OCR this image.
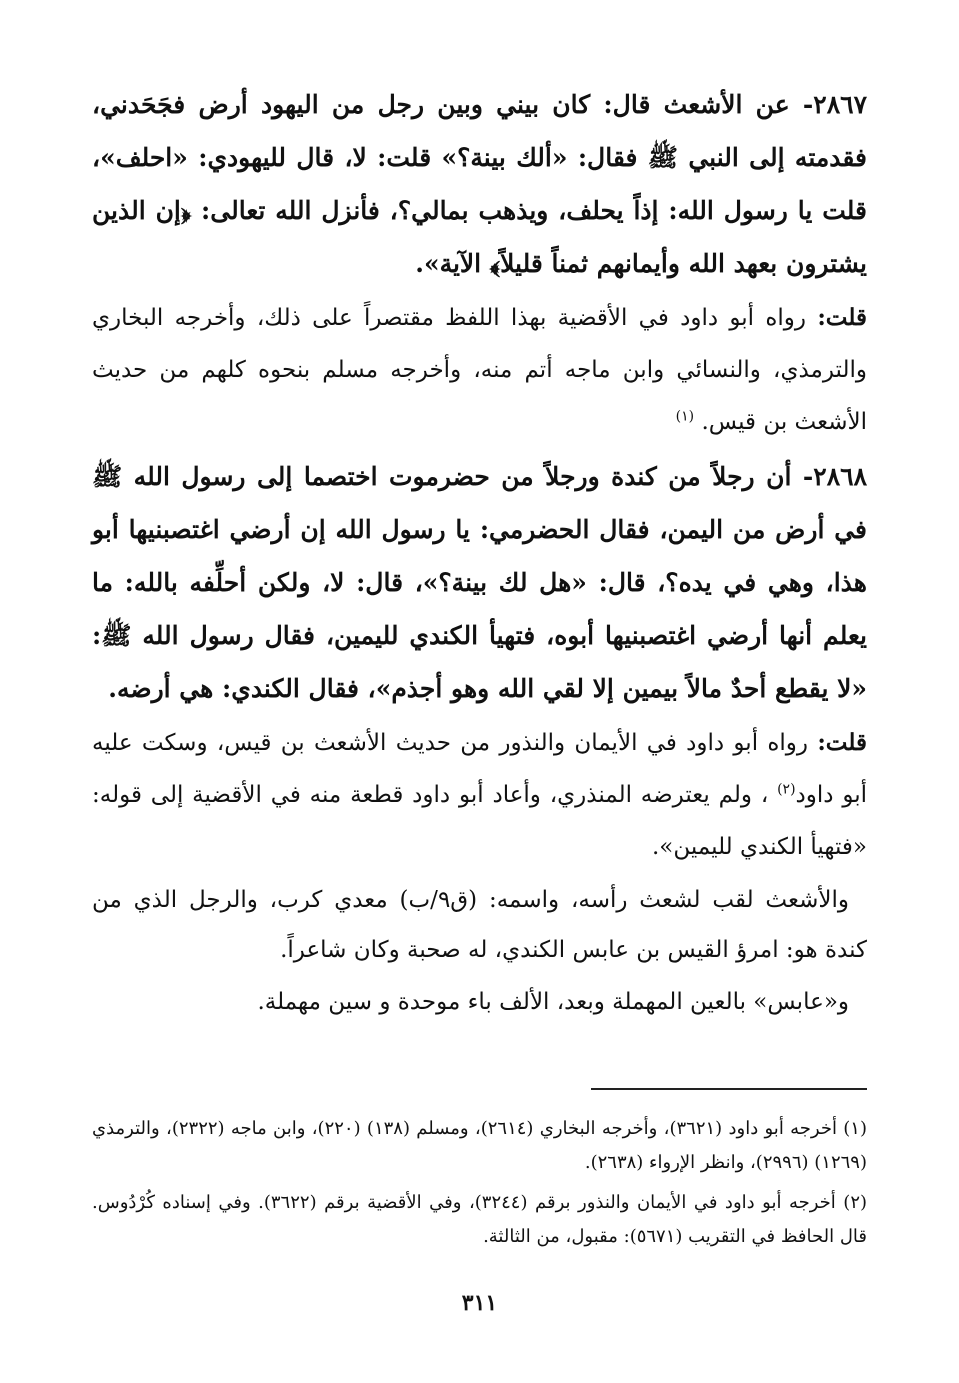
٢٨٦٧- عن الأشعث قال: كان بيني وبين رجل من اليهود أرض فجَحَدني، فقدمته إلى النبي ﷺ فقال: «ألك بينة؟» قلت: لا، قال لليهودي: «احلف»، قلت يا رسول الله: إذاً يحلف، ويذهب بمالي؟، فأنزل الله تعالى: ﴿إن الذين يشترون بعهد الله وأيمانهم ثمناً قليلاً﴾ الآية».

قلت: رواه أبو داود في الأقضية بهذا اللفظ مقتصراً على ذلك، وأخرجه البخاري والترمذي، والنسائي وابن ماجه أتم منه، وأخرجه مسلم بنحوه كلهم من حديث الأشعث بن قيس. $^{(١)}$

٢٨٦٨- أن رجلاً من كندة ورجلاً من حضرموت اختصما إلى رسول الله ﷺ في أرض من اليمن، فقال الحضرمي: يا رسول الله إن أرضي اغتصبنيها أبو هذا، وهي في يده؟، قال: «هل لك بينة؟»، قال: لا، ولكن أحلِّفه بالله: ما يعلم أنها أرضي اغتصبنيها أبوه، فتهيأ الكندي لليمين، فقال رسول الله ﷺ: «لا يقطع أحدٌ مالاً بيمين إلا لقي الله وهو أجذم»، فقال الكندي: هي أرضه.

قلت: رواه أبو داود في الأيمان والنذور من حديث الأشعث بن قيس، وسكت عليه أبو داود$^{(٢)}$ ، ولم يعترضه المنذري، وأعاد أبو داود قطعة منه في الأقضية إلى قوله: «فتهيأ الكندي لليمين».

والأشعث لقب لشعث رأسه، واسمه: (ق٩/ب) معدي كرب، والرجل الذي من كندة هو: امرؤ القيس بن عابس الكندي، له صحبة وكان شاعراً.

و«عابس» بالعين المهملة وبعد، الألف باء موحدة و سين مهملة.

(١) أخرجه أبو داود (٣٦٢١)، وأخرجه البخاري (٢٦١٤)، ومسلم (١٣٨) (٢٢٠)، وابن ماجه (٢٣٢٢)، والترمذي (١٢٦٩) (٢٩٩٦)، وانظر الإرواء (٢٦٣٨).

(٢) أخرجه أبو داود في الأيمان والنذور برقم (٣٢٤٤)، وفي الأقضية برقم (٣٦٢٢). وفي إسناده كُرْدُوس. قال الحافظ في التقريب (٥٦٧١): مقبول، من الثالثة.

٣١١
